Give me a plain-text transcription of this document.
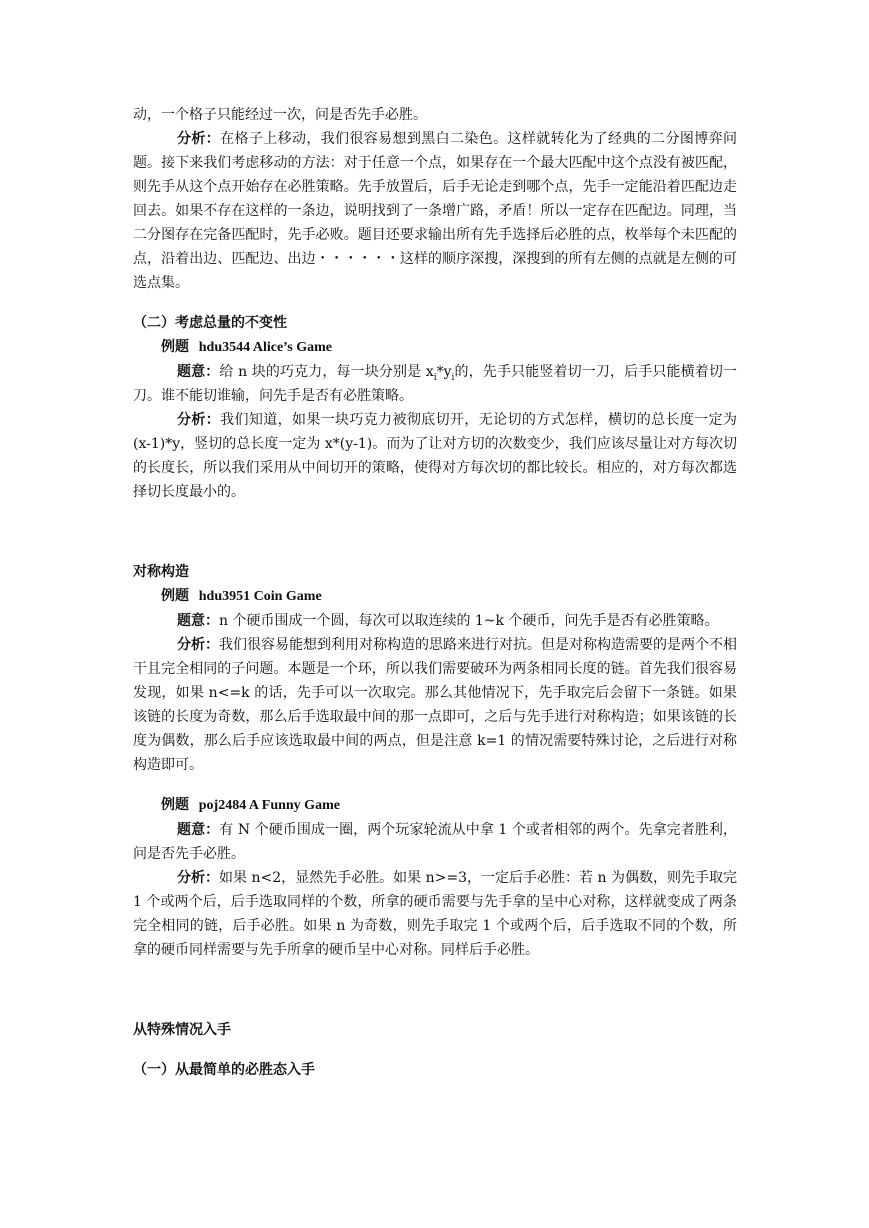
动，一个格子只能经过一次，问是否先手必胜。

分析：在格子上移动，我们很容易想到黑白二染色。这样就转化为了经典的二分图博弈问题。接下来我们考虑移动的方法：对于任意一个点，如果存在一个最大匹配中这个点没有被匹配，则先手从这个点开始存在必胜策略。先手放置后，后手无论走到哪个点，先手一定能沿着匹配边走回去。如果不存在这样的一条边，说明找到了一条增广路，矛盾！所以一定存在匹配边。同理，当二分图存在完备匹配时，先手必败。题目还要求输出所有先手选择后必胜的点，枚举每个未匹配的点，沿着出边、匹配边、出边・・・・・・这样的顺序深搜，深搜到的所有左侧的点就是左侧的可选点集。

（二）考虑总量的不变性

例题 hdu3544 Alice’s Game

题意：给 n 块的巧克力，每一块分别是 $x_i*y_i$的，先手只能竖着切一刀，后手只能横着切一刀。谁不能切谁输，问先手是否有必胜策略。

分析：我们知道，如果一块巧克力被彻底切开，无论切的方式怎样，横切的总长度一定为(x-1)*y，竖切的总长度一定为 x*(y-1)。而为了让对方切的次数变少，我们应该尽量让对方每次切的长度长，所以我们采用从中间切开的策略，使得对方每次切的都比较长。相应的，对方每次都选择切长度最小的。

对称构造

例题 hdu3951 Coin Game

题意：n 个硬币围成一个圆，每次可以取连续的 1~k 个硬币，问先手是否有必胜策略。

分析：我们很容易能想到利用对称构造的思路来进行对抗。但是对称构造需要的是两个不相干且完全相同的子问题。本题是一个环，所以我们需要破环为两条相同长度的链。首先我们很容易发现，如果 n<=k 的话，先手可以一次取完。那么其他情况下，先手取完后会留下一条链。如果该链的长度为奇数，那么后手选取最中间的那一点即可，之后与先手进行对称构造；如果该链的长度为偶数，那么后手应该选取最中间的两点，但是注意 k=1 的情况需要特殊讨论，之后进行对称构造即可。

例题 poj2484 A Funny Game

题意：有 N 个硬币围成一圈，两个玩家轮流从中拿 1 个或者相邻的两个。先拿完者胜利，问是否先手必胜。

分析：如果 n<2，显然先手必胜。如果 n>=3，一定后手必胜：若 n 为偶数，则先手取完 1 个或两个后，后手选取同样的个数，所拿的硬币需要与先手拿的呈中心对称，这样就变成了两条完全相同的链，后手必胜。如果 n 为奇数，则先手取完 1 个或两个后，后手选取不同的个数，所拿的硬币同样需要与先手所拿的硬币呈中心对称。同样后手必胜。

从特殊情况入手

（一）从最简单的必胜态入手
